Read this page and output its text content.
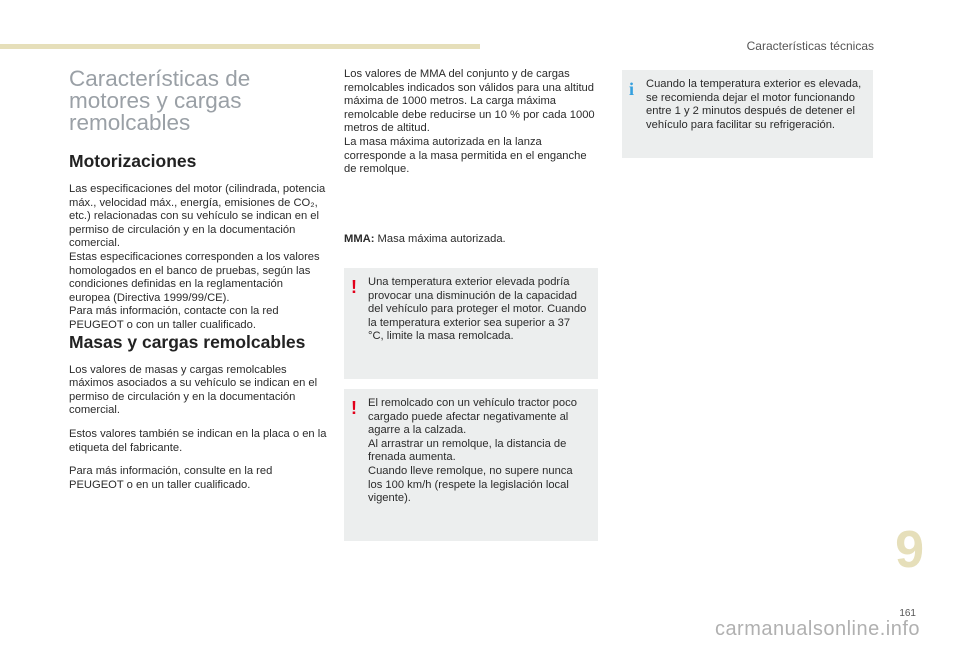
Características técnicas
Características de motores y cargas remolcables
Motorizaciones

Las especificaciones del motor (cilindrada, potencia máx., velocidad máx., energía, emisiones de CO₂, etc.) relacionadas con su vehículo se indican en el permiso de circulación y en la documentación comercial.
Estas especificaciones corresponden a los valores homologados en el banco de pruebas, según las condiciones definidas en la reglamentación europea (Directiva 1999/99/CE).
Para más información, contacte con la red PEUGEOT o con un taller cualificado.

Masas y cargas remolcables

Los valores de masas y cargas remolcables máximos asociados a su vehículo se indican en el permiso de circulación y en la documentación comercial.

Estos valores también se indican en la placa o en la etiqueta del fabricante.

Para más información, consulte en la red PEUGEOT o en un taller cualificado.

Los valores de MMA del conjunto y de cargas remolcables indicados son válidos para una altitud máxima de 1000 metros. La carga máxima remolcable debe reducirse un 10 % por cada 1000 metros de altitud.
La masa máxima autorizada en la lanza corresponde a la masa permitida en el enganche de remolque.

MMA: Masa máxima autorizada.
! Una temperatura exterior elevada podría provocar una disminución de la capacidad del vehículo para proteger el motor. Cuando la temperatura exterior sea superior a 37 °C, limite la masa remolcada.

! El remolcado con un vehículo tractor poco cargado puede afectar negativamente al agarre a la calzada.
Al arrastrar un remolque, la distancia de frenada aumenta.
Cuando lleve remolque, no supere nunca los 100 km/h (respete la legislación local vigente).

i Cuando la temperatura exterior es elevada, se recomienda dejar el motor funcionando entre 1 y 2 minutos después de detener el vehículo para facilitar su refrigeración.

9
161
carmanualsonline.info
